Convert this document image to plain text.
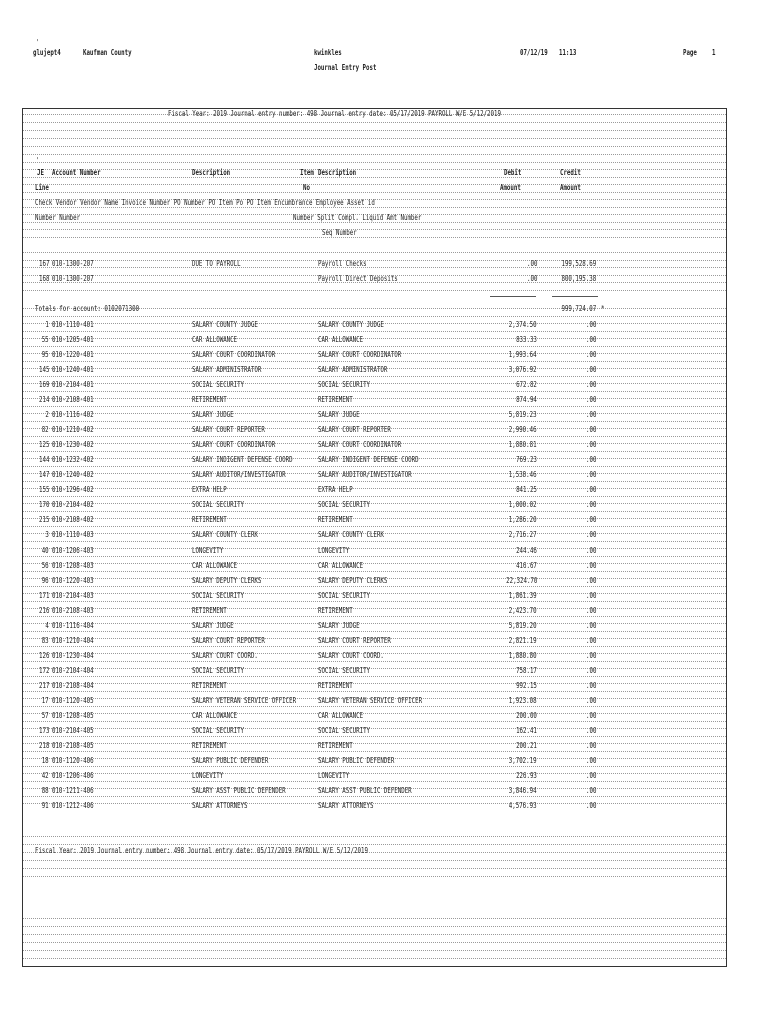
'
glujept4	Kaufman County	kwinkles
Journal Entry Post
07/12/19 11:13	Page 1
Fiscal Year: 2019 Journal entry number: 498 Journal entry date: 05/17/2019 PAYROLL W/E 5/12/2019
'
JE Account Number	Description	Item Description	Debit	Credit
Line	No	Amount	Amount
Check Vendor Vendor Name Invoice Number PO Number PO Item Po PO Item Encumbrance Employee Asset id
Number Number	Number Split Compl. Liquid Amt Number
Seq Number
167 010-1300-207	DUE TO PAYROLL	Payroll Checks	.00	199,528.69
168 010-1300-207	Payroll Direct Deposits	.00	800,195.38
Totals for account: 0102071300	999,724.07 *
1 010-1110-401	SALARY COUNTY JUDGE	SALARY COUNTY JUDGE	2,374.50	.00
55 010-1205-401	CAR ALLOWANCE	CAR ALLOWANCE	833.33	.00
95 010-1220-401	SALARY COURT COORDINATOR	SALARY COURT COORDINATOR	1,993.64	.00
145 010-1240-401	SALARY ADMINISTRATOR	SALARY ADMINISTRATOR	3,076.92	.00
169 010-2104-401	SOCIAL SECURITY	SOCIAL SECURITY	672.82	.00
214 010-2108-401	RETIREMENT	RETIREMENT	874.94	.00
2 010-1116-402	SALARY JUDGE	SALARY JUDGE	5,819.23	.00
82 010-1210-402	SALARY COURT REPORTER	SALARY COURT REPORTER	2,990.46	.00
125 010-1230-402	SALARY COURT COORDINATOR	SALARY COURT COORDINATOR	1,880.81	.00
144 010-1232-402	SALARY INDIGENT DEFENSE COORD	SALARY INDIGENT DEFENSE COORD	769.23	.00
147 010-1240-402	SALARY AUDITOR/INVESTIGATOR	SALARY AUDITOR/INVESTIGATOR	1,538.46	.00
155 010-1296-402	EXTRA HELP	EXTRA HELP	841.25	.00
170 010-2104-402	SOCIAL SECURITY	SOCIAL SECURITY	1,000.02	.00
215 010-2108-402	RETIREMENT	RETIREMENT	1,286.20	.00
3 010-1110-403	SALARY COUNTY CLERK	SALARY COUNTY CLERK	2,716.27	.00
40 010-1206-403	LONGEVITY	LONGEVITY	244.46	.00
56 010-1208-403	CAR ALLOWANCE	CAR ALLOWANCE	416.67	.00
96 010-1220-403	SALARY DEPUTY CLERKS	SALARY DEPUTY CLERKS	22,324.70	.00
171 010-2104-403	SOCIAL SECURITY	SOCIAL SECURITY	1,861.39	.00
216 010-2108-403	RETIREMENT	RETIREMENT	2,423.70	.00
4 010-1116-404	SALARY JUDGE	SALARY JUDGE	5,819.20	.00
83 010-1210-404	SALARY COURT REPORTER	SALARY COURT REPORTER	2,821.19	.00
126 010-1230-404	SALARY COURT COORD.	SALARY COURT COORD.	1,880.80	.00
172 010-2104-404	SOCIAL SECURITY	SOCIAL SECURITY	758.17	.00
217 010-2108-404	RETIREMENT	RETIREMENT	992.15	.00
17 010-1120-405	SALARY VETERAN SERVICE OFFICER	SALARY VETERAN SERVICE OFFICER	1,923.08	.00
57 010-1208-405	CAR ALLOWANCE	CAR ALLOWANCE	200.00	.00
173 010-2104-405	SOCIAL SECURITY	SOCIAL SECURITY	162.41	.00
218 010-2108-405	RETIREMENT	RETIREMENT	200.21	.00
18 010-1120-406	SALARY PUBLIC DEFENDER	SALARY PUBLIC DEFENDER	3,702.19	.00
42 010-1206-406	LONGEVITY	LONGEVITY	226.93	.00
88 010-1211-406	SALARY ASST PUBLIC DEFENDER	SALARY ASST PUBLIC DEFENDER	3,846.94	.00
91 010-1212-406	SALARY ATTORNEYS	SALARY ATTORNEYS	4,576.93	.00
Fiscal Year: 2019 Journal entry number: 498 Journal entry date: 05/17/2019 PAYROLL W/E 5/12/2019
